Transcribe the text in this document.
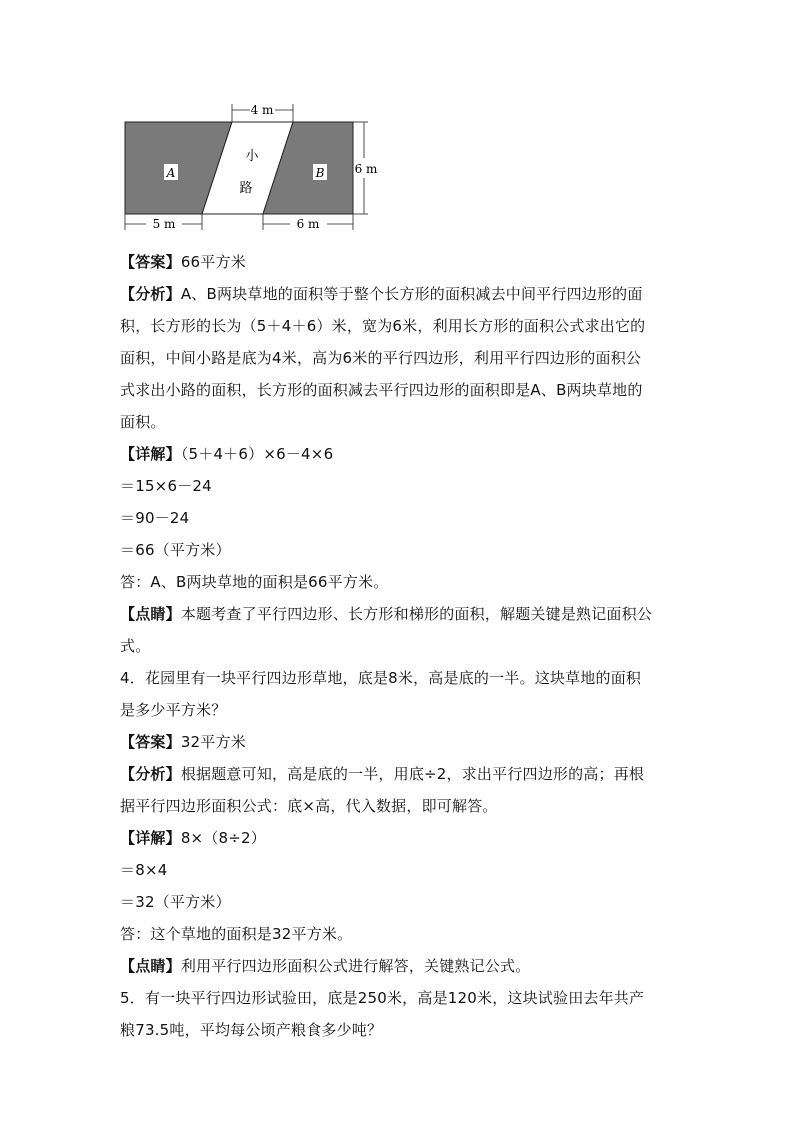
4 m
6 m
5 m	6 m
A	B
小
路
【答案】66平方米
【分析】A、B两块草地的面积等于整个长方形的面积减去中间平行四边形的面
积，长方形的长为（5＋4＋6）米，宽为6米，利用长方形的面积公式求出它的
面积，中间小路是底为4米，高为6米的平行四边形，利用平行四边形的面积公
式求出小路的面积，长方形的面积减去平行四边形的面积即是A、B两块草地的
面积。
【详解】（5＋4＋6）×6－4×6
＝15×6－24
＝90－24
＝66（平方米）
答：A、B两块草地的面积是66平方米。
【点睛】本题考查了平行四边形、长方形和梯形的面积，解题关键是熟记面积公
式。
4．花园里有一块平行四边形草地，底是8米，高是底的一半。这块草地的面积
是多少平方米？
【答案】32平方米
【分析】根据题意可知，高是底的一半，用底÷2，求出平行四边形的高；再根
据平行四边形面积公式：底×高，代入数据，即可解答。
【详解】8×（8÷2）
＝8×4
＝32（平方米）
答：这个草地的面积是32平方米。
【点睛】利用平行四边形面积公式进行解答，关键熟记公式。
5．有一块平行四边形试验田，底是250米，高是120米，这块试验田去年共产
粮73.5吨，平均每公顷产粮食多少吨？
